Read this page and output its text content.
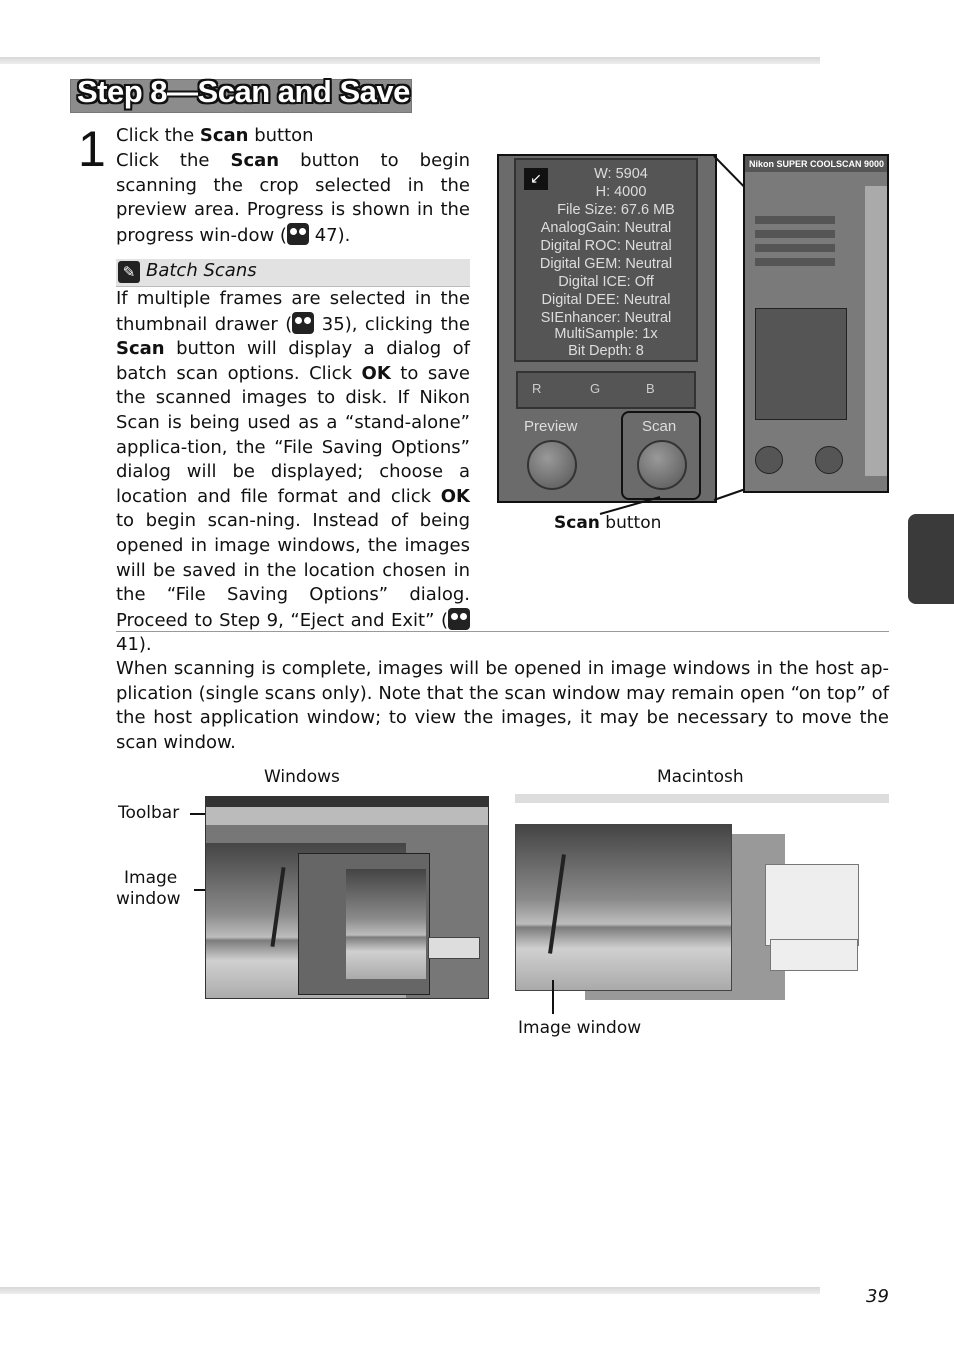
Step 8—Scan and Save
1 Click the Scan button
Click the Scan button to begin scanning the crop selected in the preview area. Progress is shown in the progress win-dow ( 47).
✎ Batch Scans
If multiple frames are selected in the thumbnail drawer ( 35), clicking the Scan button will display a dialog of batch scan options. Click OK to save the scanned images to disk. If Nikon Scan is being used as a “stand-alone” applica-tion, the “File Saving Options” dialog will be displayed; choose a location and file format and click OK to begin scan-ning. Instead of being opened in image windows, the images will be saved in the location chosen in the “File Saving Options” dialog. Proceed to Step 9, “Eject and Exit” ( 41).
↙	W: 5904
H: 4000
File Size: 67.6 MB
AnalogGain: Neutral
Digital ROC: Neutral
Digital GEM: Neutral
Digital ICE: Off
Digital DEE: Neutral
SIEnhancer: Neutral
MultiSample: 1x
Bit Depth: 8
R	G	B
Preview	Scan
Nikon SUPER COOLSCAN 9000
Scan button
When scanning is complete, images will be opened in image windows in the host ap-plication (single scans only). Note that the scan window may remain open “on top” of the host application window; to view the images, it may be necessary to move the scan window.
Windows	Macintosh
Toolbar
Image
window
Image window
39
